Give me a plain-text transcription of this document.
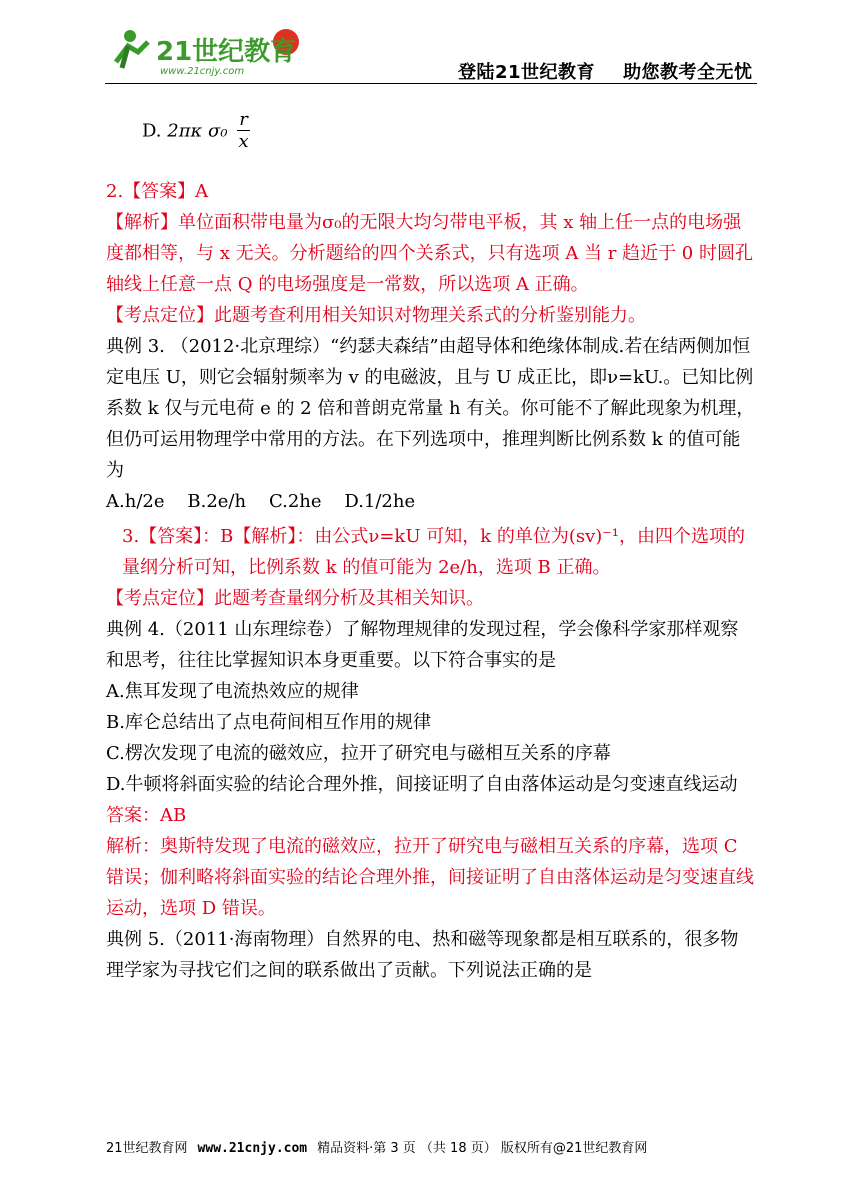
21世纪教育
www.21cnjy.com	登陆21世纪教育 助您教考全无忧
D. 2πκ $\sigma_0 \frac{r}{x}$

2.【答案】A

【解析】单位面积带电量为σ₀的无限大均匀带电平板，其 x 轴上任一点的电场强度都相等，与 x 无关。分析题给的四个关系式，只有选项 A 当 r 趋近于 0 时圆孔轴线上任意一点 Q 的电场强度是一常数，所以选项 A 正确。

【考点定位】此题考查利用相关知识对物理关系式的分析鉴别能力。

典例 3. （2012·北京理综）“约瑟夫森结”由超导体和绝缘体制成.若在结两侧加恒定电压 U，则它会辐射频率为 v 的电磁波，且与 U 成正比，即ν=kU.。已知比例系数 k 仅与元电荷 e 的 2 倍和普朗克常量 h 有关。你可能不了解此现象为机理，但仍可运用物理学中常用的方法。在下列选项中，推理判断比例系数 k 的值可能为

A.h/2e    B.2e/h    C.2he    D.1/2he

3.【答案】：B【解析】：由公式ν=kU 可知，k 的单位为(sv)⁻¹，由四个选项的量纲分析可知，比例系数 k 的值可能为 2e/h，选项 B 正确。

【考点定位】此题考查量纲分析及其相关知识。

典例 4.（2011 山东理综卷）了解物理规律的发现过程，学会像科学家那样观察和思考，往往比掌握知识本身更重要。以下符合事实的是

A.焦耳发现了电流热效应的规律

B.库仑总结出了点电荷间相互作用的规律

C.楞次发现了电流的磁效应，拉开了研究电与磁相互关系的序幕

D.牛顿将斜面实验的结论合理外推，间接证明了自由落体运动是匀变速直线运动

答案：AB

解析：奥斯特发现了电流的磁效应，拉开了研究电与磁相互关系的序幕，选项 C 错误；伽利略将斜面实验的结论合理外推，间接证明了自由落体运动是匀变速直线运动，选项 D 错误。

典例 5.（2011·海南物理）自然界的电、热和磁等现象都是相互联系的，很多物理学家为寻找它们之间的联系做出了贡献。下列说法正确的是

21世纪教育网 www.21cnjy.com 精品资料·第 3 页 （共 18 页） 版权所有@21世纪教育网
